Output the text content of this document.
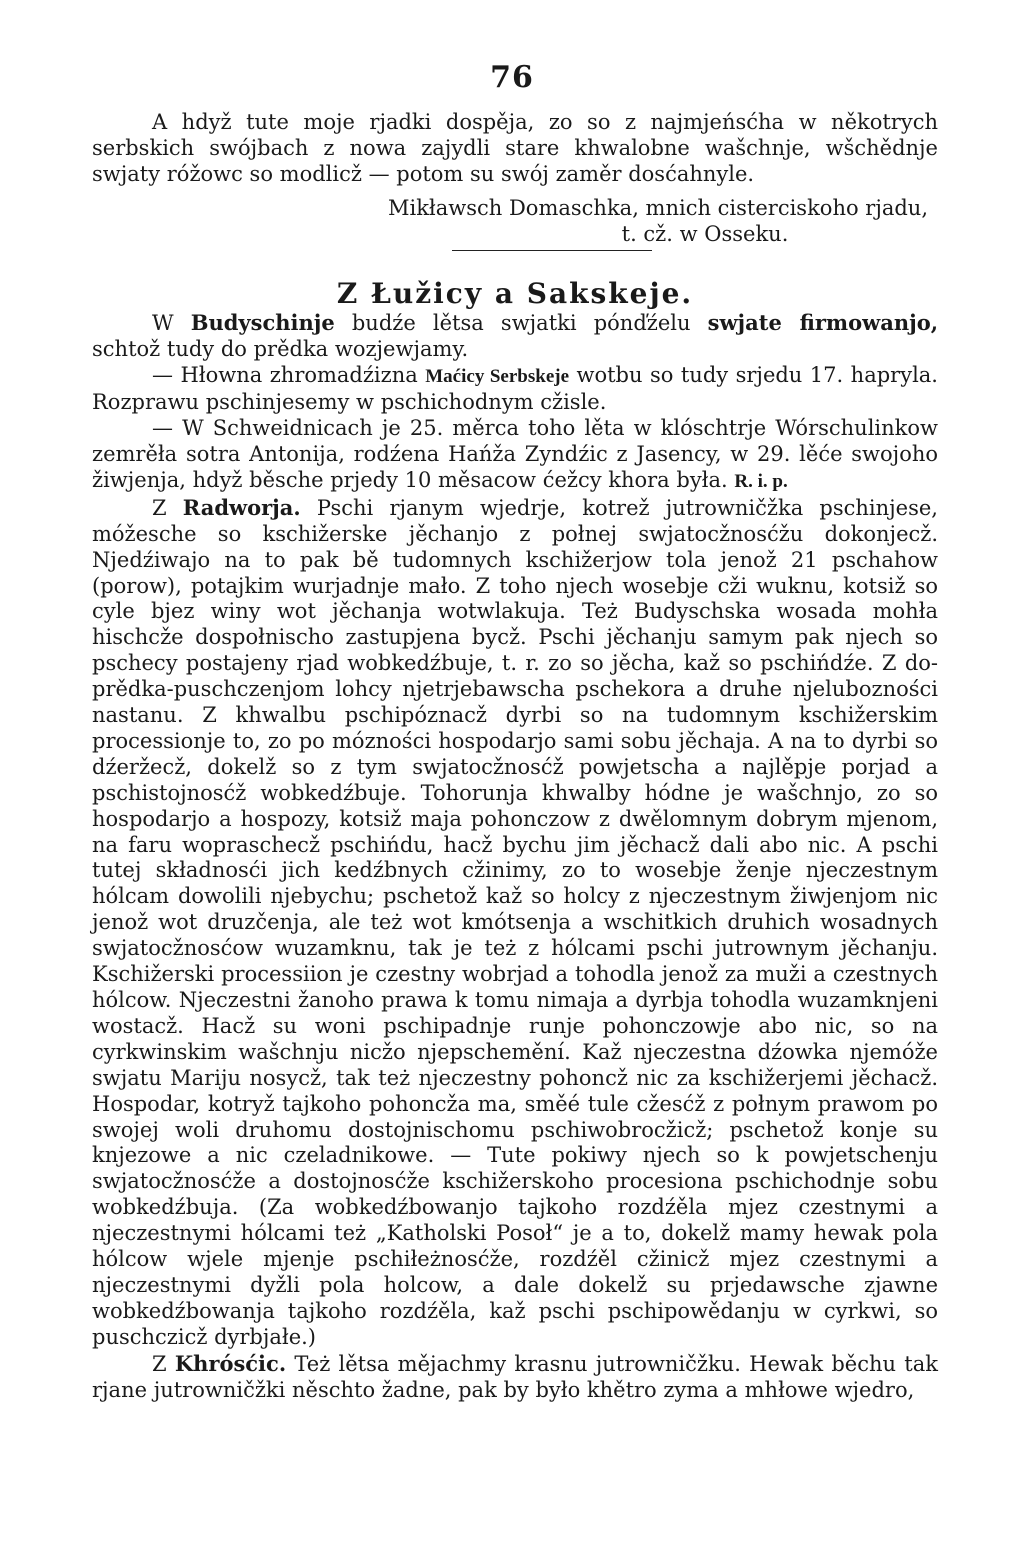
76

A hdyž tute moje rjadki dospěja, zo so z najmjeńsćha w někotrych serbskich swójbach z nowa zajydli stare khwalobne wašchnje, wšchědnje swjaty róžowc so modlicž — potom su swój zaměr dosćahnyle.

Mikławsch Domaschka, mnich cisterciskoho rjadu,

t. cž. w Osseku.

Z Łužicy a Sakskeje.

W Budyschinje budźe lětsa swjatki pónďźelu swjate firmowanjo, schtož tudy do prědka wozjewjamy.

— Hłowna zhromadźizna Maćicy Serbskeje wotbu so tudy srjedu 17. hapryla. Rozprawu pschinjesemy w pschichodnym cžisle.

— W Schweidnicach je 25. měrca toho lěta w klóschtrje Wórschulinkow zemrěła sotra Antonija, rodźena Hańža Zyndźic z Jasency, w 29. lěće swojoho žiwjenja, hdyž běsche prjedy 10 měsacow ćežcy khora była. R. i. p.

Z Radworja. Pschi rjanym wjedrje, kotrež jutrowničžka pschinjese, móžesche so kschižerske jěchanjo z połnej swjatocžnosćžu dokonjecž. Njedźiwajo na to pak bě tudomnych kschižerjow tola jenož 21 pschahow (porow), potajkim wurjadnje mało. Z toho njech wosebje cži wuknu, kotsiž so cyle bjez winy wot jěchanja wotwlakuja. Też Budyschska wosada mohła hischcže dospołnischo zastupjena bycž. Pschi jěchanju samym pak njech so pschecy postajeny rjad wobkedźbuje, t. r. zo so jěcha, kaž so pschińdźe. Z do-prědka-puschczenjom lohcy njetrjebawscha pschekora a druhe njelubozności nastanu. Z khwalbu pschipóznacž dyrbi so na tudomnym kschižerskim processionje to, zo po mózności hospodarjo sami sobu jěchaja. A na to dyrbi so dźeržecž, dokelž so z tym swjatocžnosćž powjetscha a najlěpje porjad a pschistojnosćž wobkedźbuje. Tohorunja khwalby hódne je wašchnjo, zo so hospodarjo a hospozy, kotsiž maja pohonczow z dwělomnym dobrym mjenom, na faru wopraschecž pschińdu, hacž bychu jim jěchacž dali abo nic. A pschi tutej składnosći jich kedźbnych cžinimy, zo to wosebje ženje njeczestnym hólcam dowolili njebychu; pschetož kaž so holcy z njeczestnym žiwjenjom nic jenož wot druzčenja, ale też wot kmótsenja a wschitkich druhich wosadnych swjatocžnosćow wuzamknu, tak je też z hólcami pschi jutrownym jěchanju. Kschižerski processiion je czestny wobrjad a tohodla jenož za muži a czestnych hólcow. Njeczestni žanoho prawa k tomu nimaja a dyrbja tohodla wuzamknjeni wostacž. Hacž su woni pschipadnje runje pohonczowje abo nic, so na cyrkwinskim wašchnju nicžo njepschemění. Kaž njeczestna dźowka njemóže swjatu Mariju nosycž, tak też njeczestny pohoncž nic za kschižerjemi jěchacž. Hospodar, kotryž tajkoho pohoncža ma, směé tule cžesćž z połnym prawom po swojej woli druhomu dostojnischomu pschiwobrocžicž; pschetož konje su knjezowe a nic czeladnikowe. — Tute pokiwy njech so k powjetschenju swjatocžnosćže a dostojnosćže kschižerskoho procesiona pschichodnje sobu wobkedźbuja. (Za wobkedźbowanjo tajkoho rozdźěla mjez czestnymi a njeczestnymi hólcami też „Katholski Posoł“ je a to, dokelž mamy hewak pola hólcow wjele mjenje pschiłeżnosćže, rozdźěl cžinicž mjez czestnymi a njeczestnymi dyžli pola holcow, a dale dokelž su prjedawsche zjawne wobkedźbowanja tajkoho rozdźěla, kaž pschi pschipowědanju w cyrkwi, so puschczicž dyrbjałe.)

Z Khrósćic. Też lětsa mějachmy krasnu jutrowničžku. Hewak běchu tak rjane jutrowničžki něschto žadne, pak by było khětro zyma a mhłowe wjedro,
